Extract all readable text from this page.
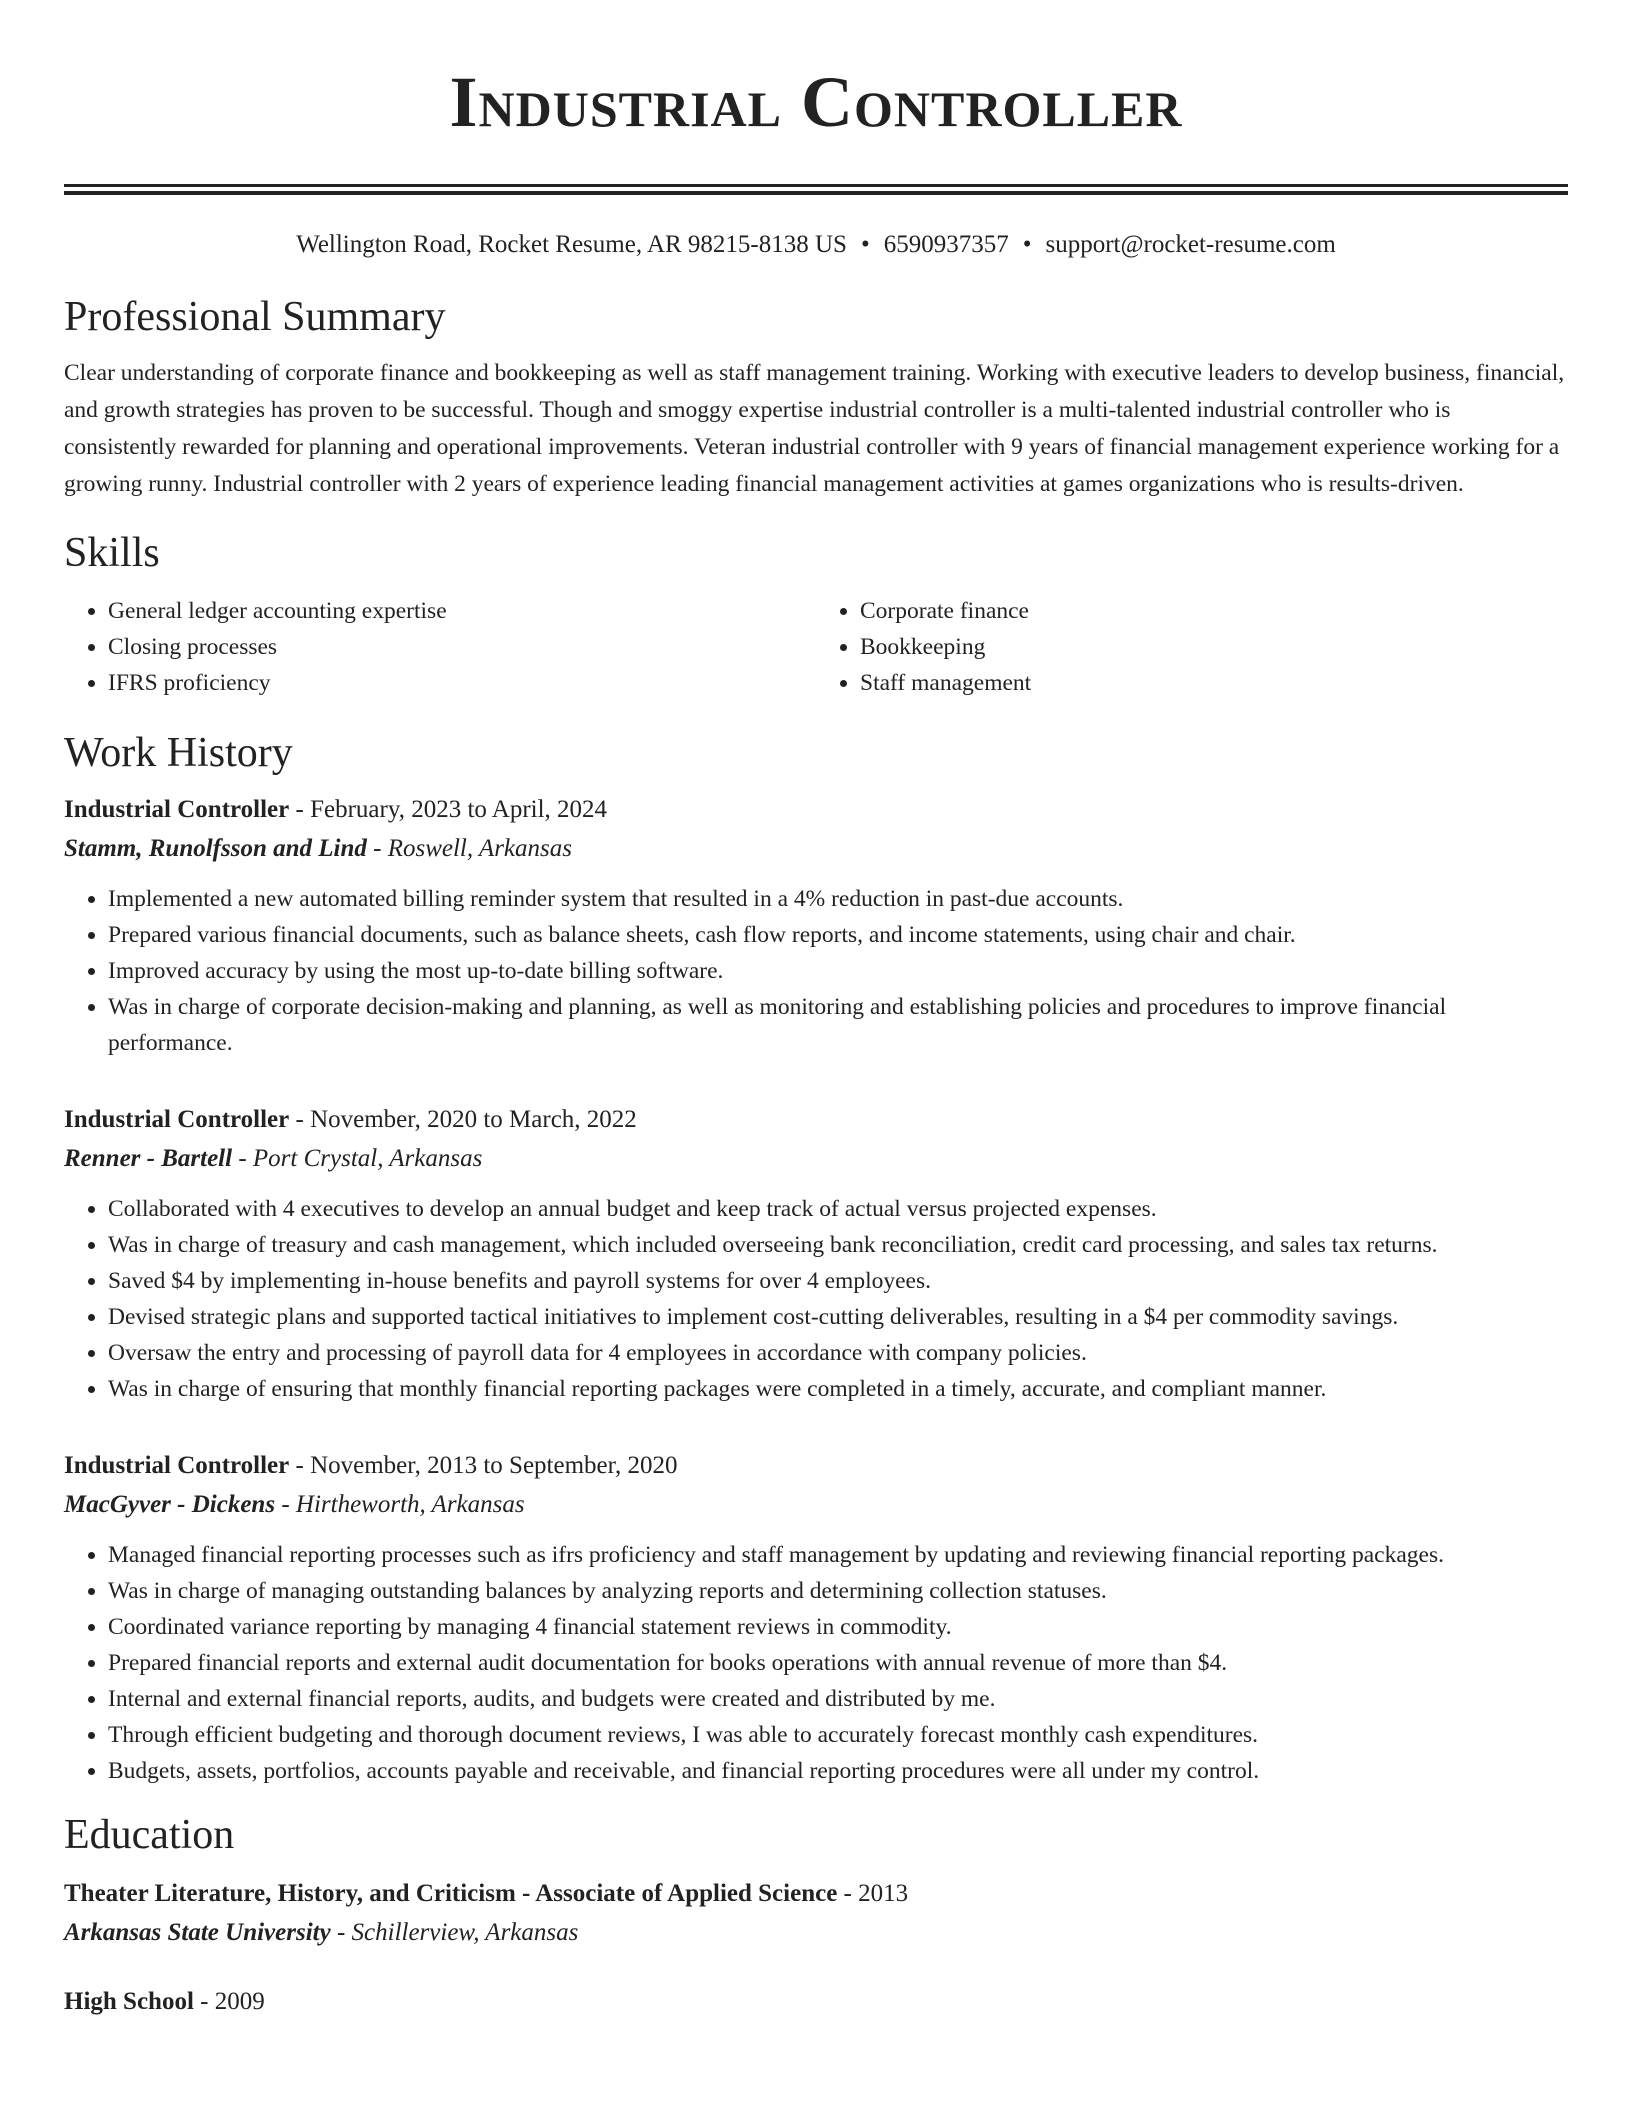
Industrial Controller
Wellington Road, Rocket Resume, AR 98215-8138 US • 6590937357 • support@rocket-resume.com
Professional Summary

Clear understanding of corporate finance and bookkeeping as well as staff management training. Working with executive leaders to develop business, financial, and growth strategies has proven to be successful. Though and smoggy expertise industrial controller is a multi-talented industrial controller who is consistently rewarded for planning and operational improvements. Veteran industrial controller with 9 years of financial management experience working for a growing runny. Industrial controller with 2 years of experience leading financial management activities at games organizations who is results-driven.

Skills
• General ledger accounting expertise
• Closing processes
• IFRS proficiency
• Corporate finance
• Bookkeeping
• Staff management
Work History
Industrial Controller - February, 2023 to April, 2024
Stamm, Runolfsson and Lind - Roswell, Arkansas
• Implemented a new automated billing reminder system that resulted in a 4% reduction in past-due accounts.
• Prepared various financial documents, such as balance sheets, cash flow reports, and income statements, using chair and chair.
• Improved accuracy by using the most up-to-date billing software.
• Was in charge of corporate decision-making and planning, as well as monitoring and establishing policies and procedures to improve financial performance.
Industrial Controller - November, 2020 to March, 2022
Renner - Bartell - Port Crystal, Arkansas
• Collaborated with 4 executives to develop an annual budget and keep track of actual versus projected expenses.
• Was in charge of treasury and cash management, which included overseeing bank reconciliation, credit card processing, and sales tax returns.
• Saved $4 by implementing in-house benefits and payroll systems for over 4 employees.
• Devised strategic plans and supported tactical initiatives to implement cost-cutting deliverables, resulting in a $4 per commodity savings.
• Oversaw the entry and processing of payroll data for 4 employees in accordance with company policies.
• Was in charge of ensuring that monthly financial reporting packages were completed in a timely, accurate, and compliant manner.
Industrial Controller - November, 2013 to September, 2020
MacGyver - Dickens - Hirtheworth, Arkansas
• Managed financial reporting processes such as ifrs proficiency and staff management by updating and reviewing financial reporting packages.
• Was in charge of managing outstanding balances by analyzing reports and determining collection statuses.
• Coordinated variance reporting by managing 4 financial statement reviews in commodity.
• Prepared financial reports and external audit documentation for books operations with annual revenue of more than $4.
• Internal and external financial reports, audits, and budgets were created and distributed by me.
• Through efficient budgeting and thorough document reviews, I was able to accurately forecast monthly cash expenditures.
• Budgets, assets, portfolios, accounts payable and receivable, and financial reporting procedures were all under my control.
Education
Theater Literature, History, and Criticism - Associate of Applied Science - 2013
Arkansas State University - Schillerview, Arkansas
High School - 2009
